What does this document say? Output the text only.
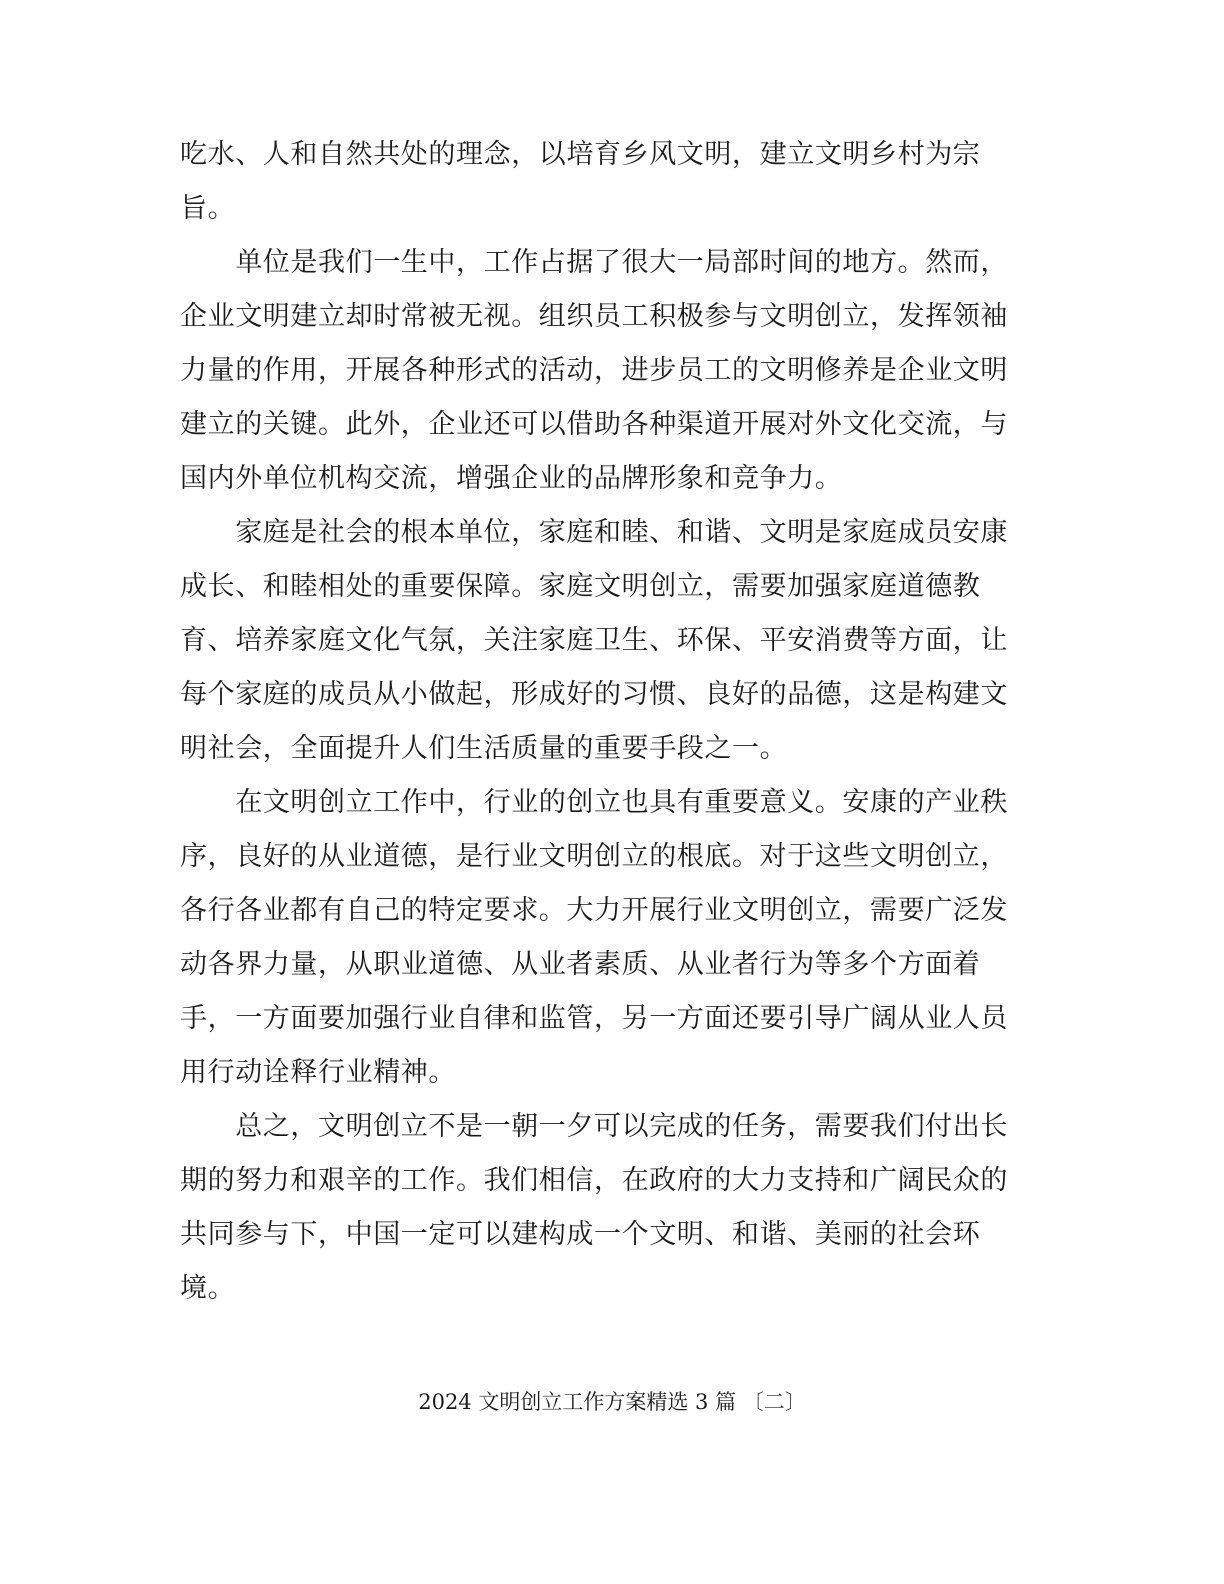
吃水、人和自然共处的理念，以培育乡风文明，建立文明乡村为宗
旨。
　　单位是我们一生中，工作占据了很大一局部时间的地方。然而，
企业文明建立却时常被无视。组织员工积极参与文明创立，发挥领袖
力量的作用，开展各种形式的活动，进步员工的文明修养是企业文明
建立的关键。此外，企业还可以借助各种渠道开展对外文化交流，与
国内外单位机构交流，增强企业的品牌形象和竞争力。
　　家庭是社会的根本单位，家庭和睦、和谐、文明是家庭成员安康
成长、和睦相处的重要保障。家庭文明创立，需要加强家庭道德教
育、培养家庭文化气氛，关注家庭卫生、环保、平安消费等方面，让
每个家庭的成员从小做起，形成好的习惯、良好的品德，这是构建文
明社会，全面提升人们生活质量的重要手段之一。
　　在文明创立工作中，行业的创立也具有重要意义。安康的产业秩
序，良好的从业道德，是行业文明创立的根底。对于这些文明创立，
各行各业都有自己的特定要求。大力开展行业文明创立，需要广泛发
动各界力量，从职业道德、从业者素质、从业者行为等多个方面着
手，一方面要加强行业自律和监管，另一方面还要引导广阔从业人员
用行动诠释行业精神。
　　总之，文明创立不是一朝一夕可以完成的任务，需要我们付出长
期的努力和艰辛的工作。我们相信，在政府的大力支持和广阔民众的
共同参与下，中国一定可以建构成一个文明、和谐、美丽的社会环
境。
2024 文明创立工作方案精选 3 篇 〔二〕
